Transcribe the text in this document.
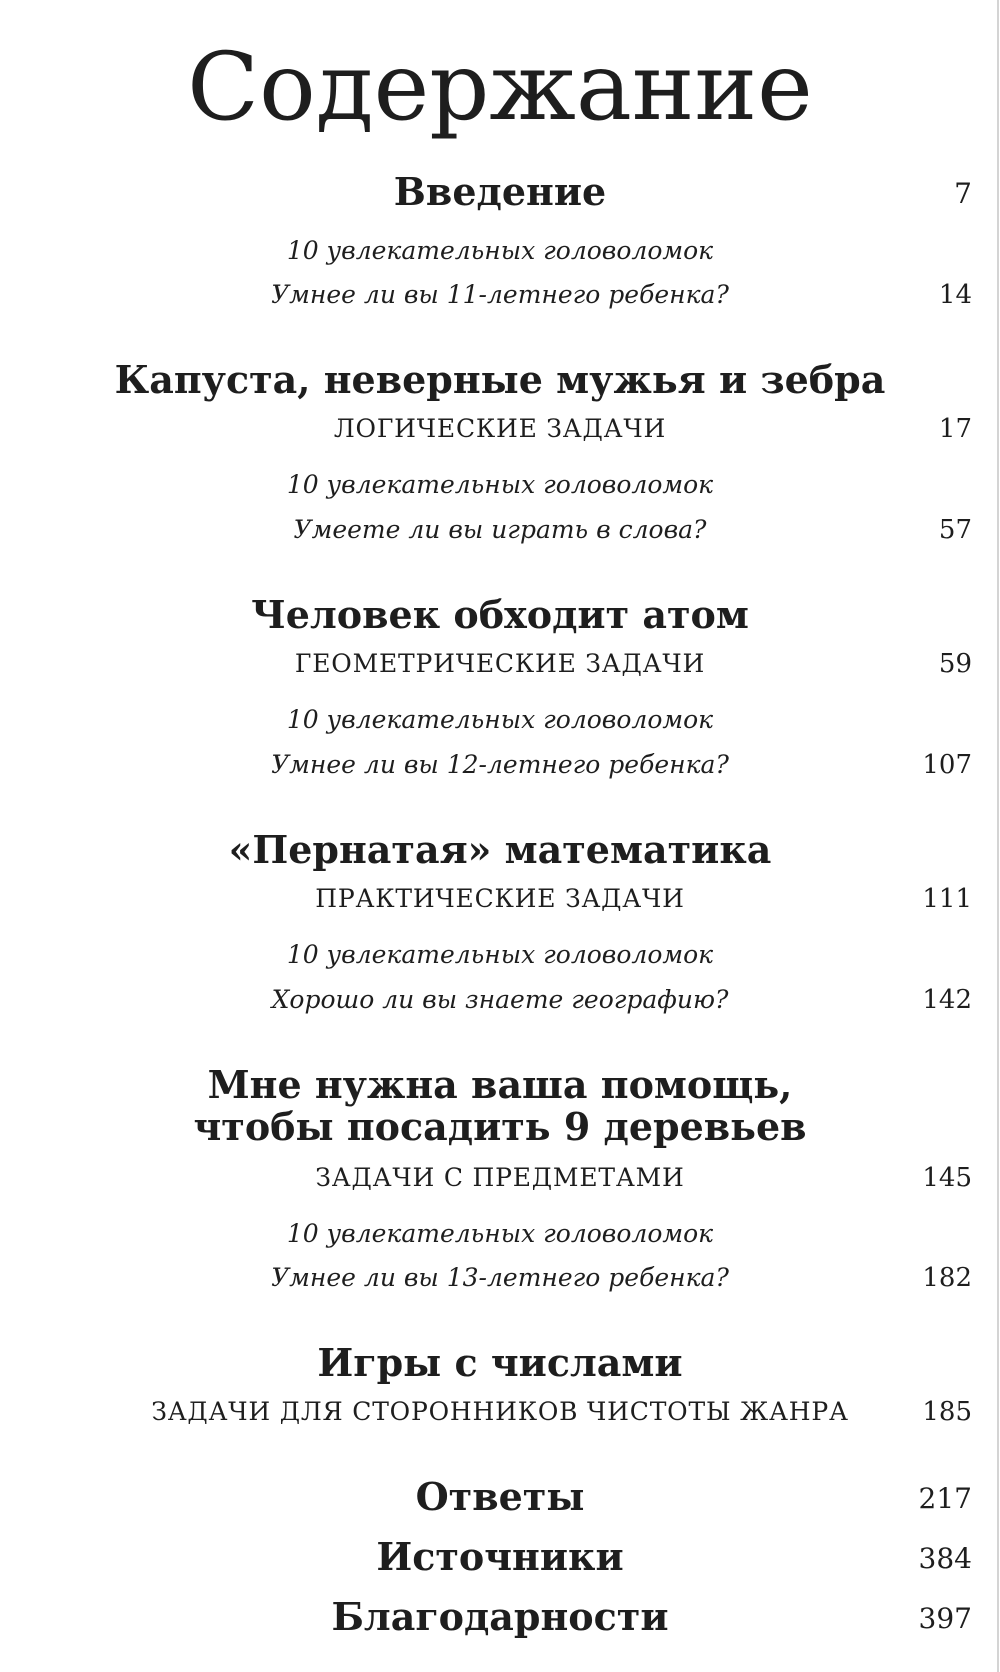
Содержание
Введение	7
10 увлекательных головоломок
Умнее ли вы 11-летнего ребенка?	14
Капуста, неверные мужья и зебра
ЛОГИЧЕСКИЕ ЗАДАЧИ	17
10 увлекательных головоломок
Умеете ли вы играть в слова?	57
Человек обходит атом
ГЕОМЕТРИЧЕСКИЕ ЗАДАЧИ	59
10 увлекательных головоломок
Умнее ли вы 12-летнего ребенка?	107
«Пернатая» математика
ПРАКТИЧЕСКИЕ ЗАДАЧИ	111
10 увлекательных головоломок
Хорошо ли вы знаете географию?	142
Мне нужна ваша помощь,
чтобы посадить 9 деревьев
ЗАДАЧИ С ПРЕДМЕТАМИ	145
10 увлекательных головоломок
Умнее ли вы 13-летнего ребенка?	182
Игры с числами
ЗАДАЧИ ДЛЯ СТОРОННИКОВ ЧИСТОТЫ ЖАНРА	185
Ответы	217
Источники	384
Благодарности	397
